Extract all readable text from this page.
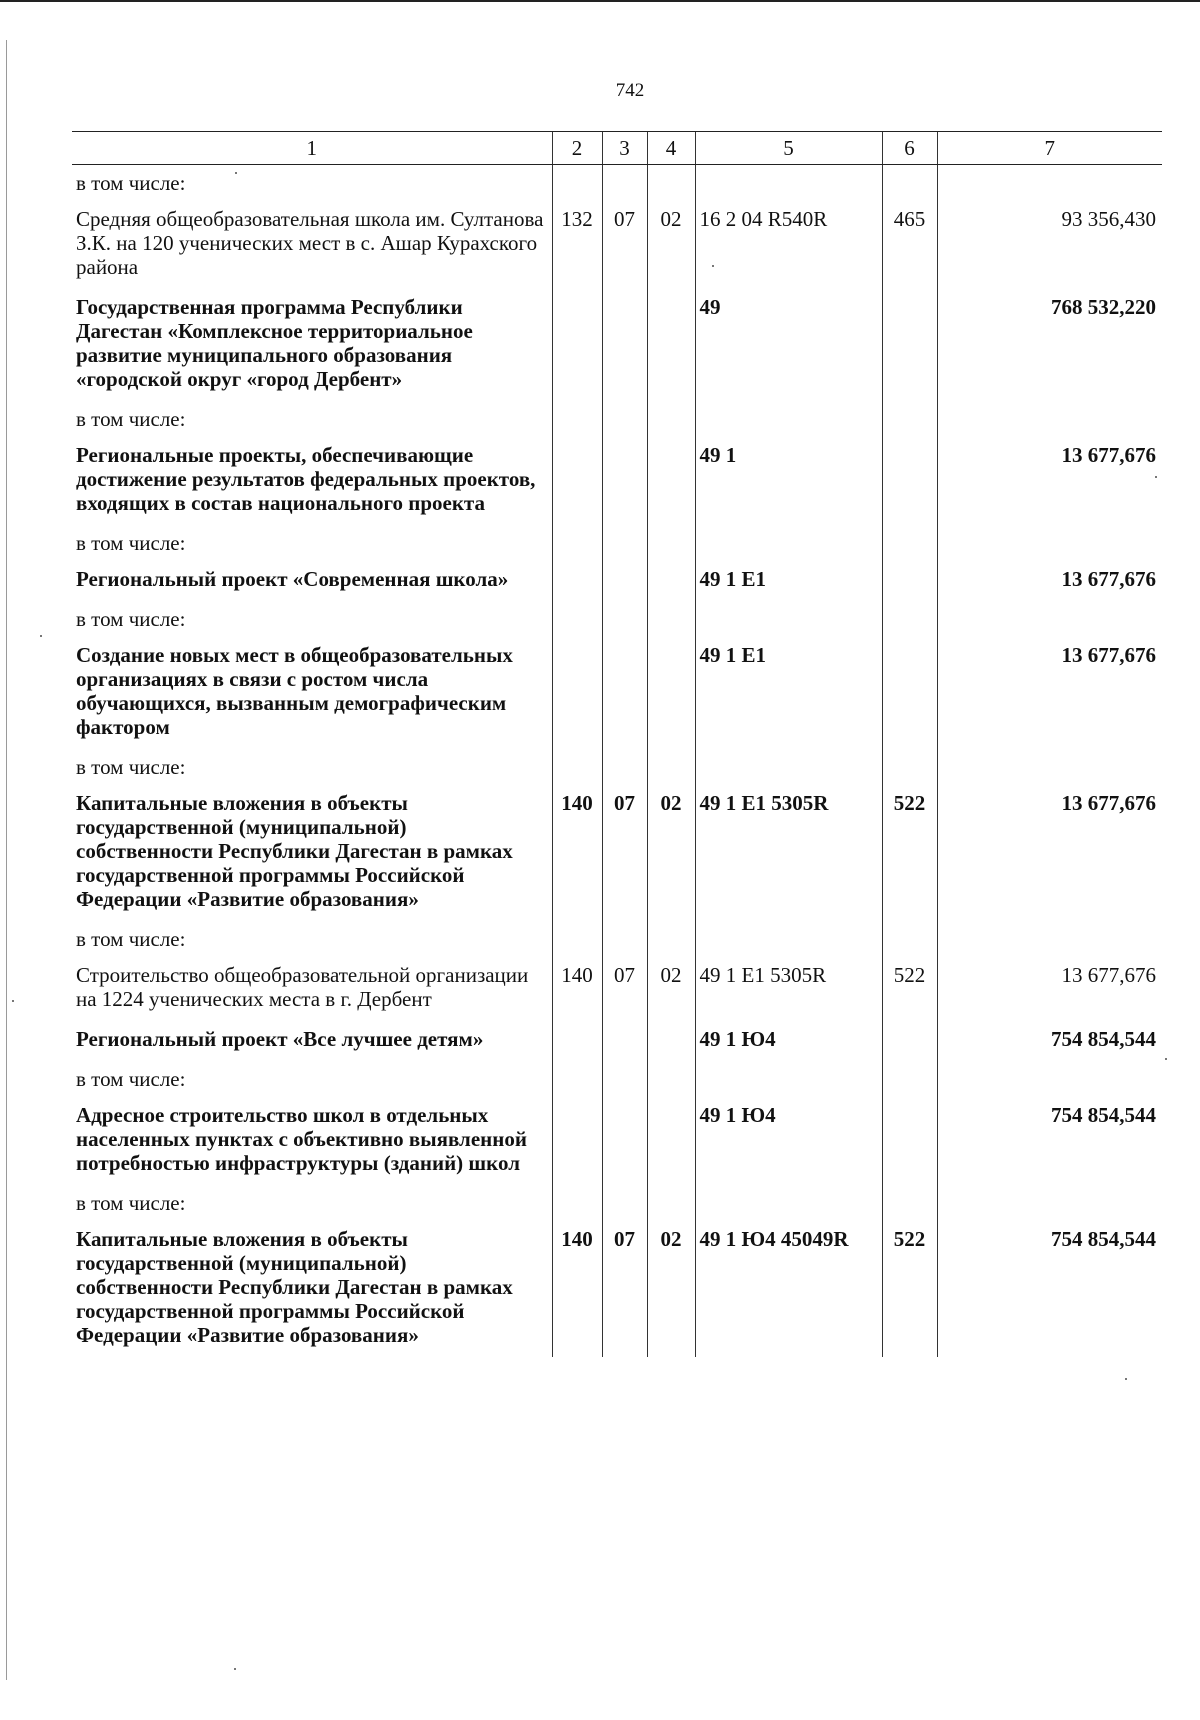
742
1	2	3	4	5	6	7
в том числе:						
Средняя общеобразовательная школа им. Султанова З.К. на 120 ученических мест в с. Ашар Курахского района	132	07	02	16 2 04 R540R	465	93 356,430
Государственная программа Республики Дагестан «Комплексное территориальное развитие муниципального образования «городской округ «город Дербент»				49		768 532,220
в том числе:						
Региональные проекты, обеспечивающие достижение результатов федеральных проектов, входящих в состав национального проекта				49 1		13 677,676
в том числе:						
Региональный проект «Современная школа»				49 1 E1		13 677,676
в том числе:						
Создание новых мест в общеобразовательных организациях в связи с ростом числа обучающихся, вызванным демографическим фактором				49 1 E1		13 677,676
в том числе:						
Капитальные вложения в объекты государственной (муниципальной) собственности Республики Дагестан в рамках государственной программы Российской Федерации «Развитие образования»	140	07	02	49 1 E1 5305R	522	13 677,676
в том числе:						
Строительство общеобразовательной организации на 1224 ученических места в г. Дербент	140	07	02	49 1 E1 5305R	522	13 677,676
Региональный проект «Все лучшее детям»				49 1 Ю4		754 854,544
в том числе:						
Адресное строительство школ в отдельных населенных пунктах с объективно выявленной потребностью инфраструктуры (зданий) школ				49 1 Ю4		754 854,544
в том числе:						
Капитальные вложения в объекты государственной (муниципальной) собственности Республики Дагестан в рамках государственной программы Российской Федерации «Развитие образования»	140	07	02	49 1 Ю4 45049R	522	754 854,544
